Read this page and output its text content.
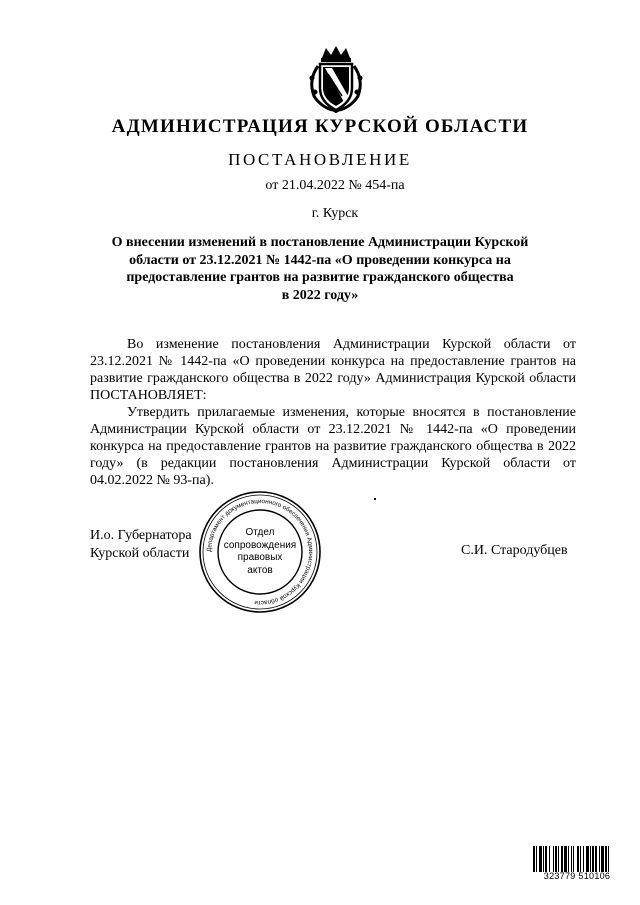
АДМИНИСТРАЦИЯ КУРСКОЙ ОБЛАСТИ
ПОСТАНОВЛЕНИЕ
от 21.04.2022 № 454-па
г. Курск
О внесении изменений в постановление Администрации Курской
области от 23.12.2021 № 1442-па «О проведении конкурса на
предоставление грантов на развитие гражданского общества
в 2022 году»
Во изменение постановления Администрации Курской области от 23.12.2021 № 1442-па «О проведении конкурса на предоставление грантов на развитие гражданского общества в 2022 году» Администрация Курской области ПОСТАНОВЛЯЕТ:
Утвердить прилагаемые изменения, которые вносятся в постановление Администрации Курской области от 23.12.2021 № 1442-па «О проведении конкурса на предоставление грантов на развитие гражданского общества в 2022 году» (в редакции постановления Администрации Курской области от 04.02.2022 № 93-па).
И.о. Губернатора
Курской области	С.И. Стародубцев
Департамент документационного обеспечения Администрации Курской области
Отдел
сопровождения
правовых
актов
323779 510106
